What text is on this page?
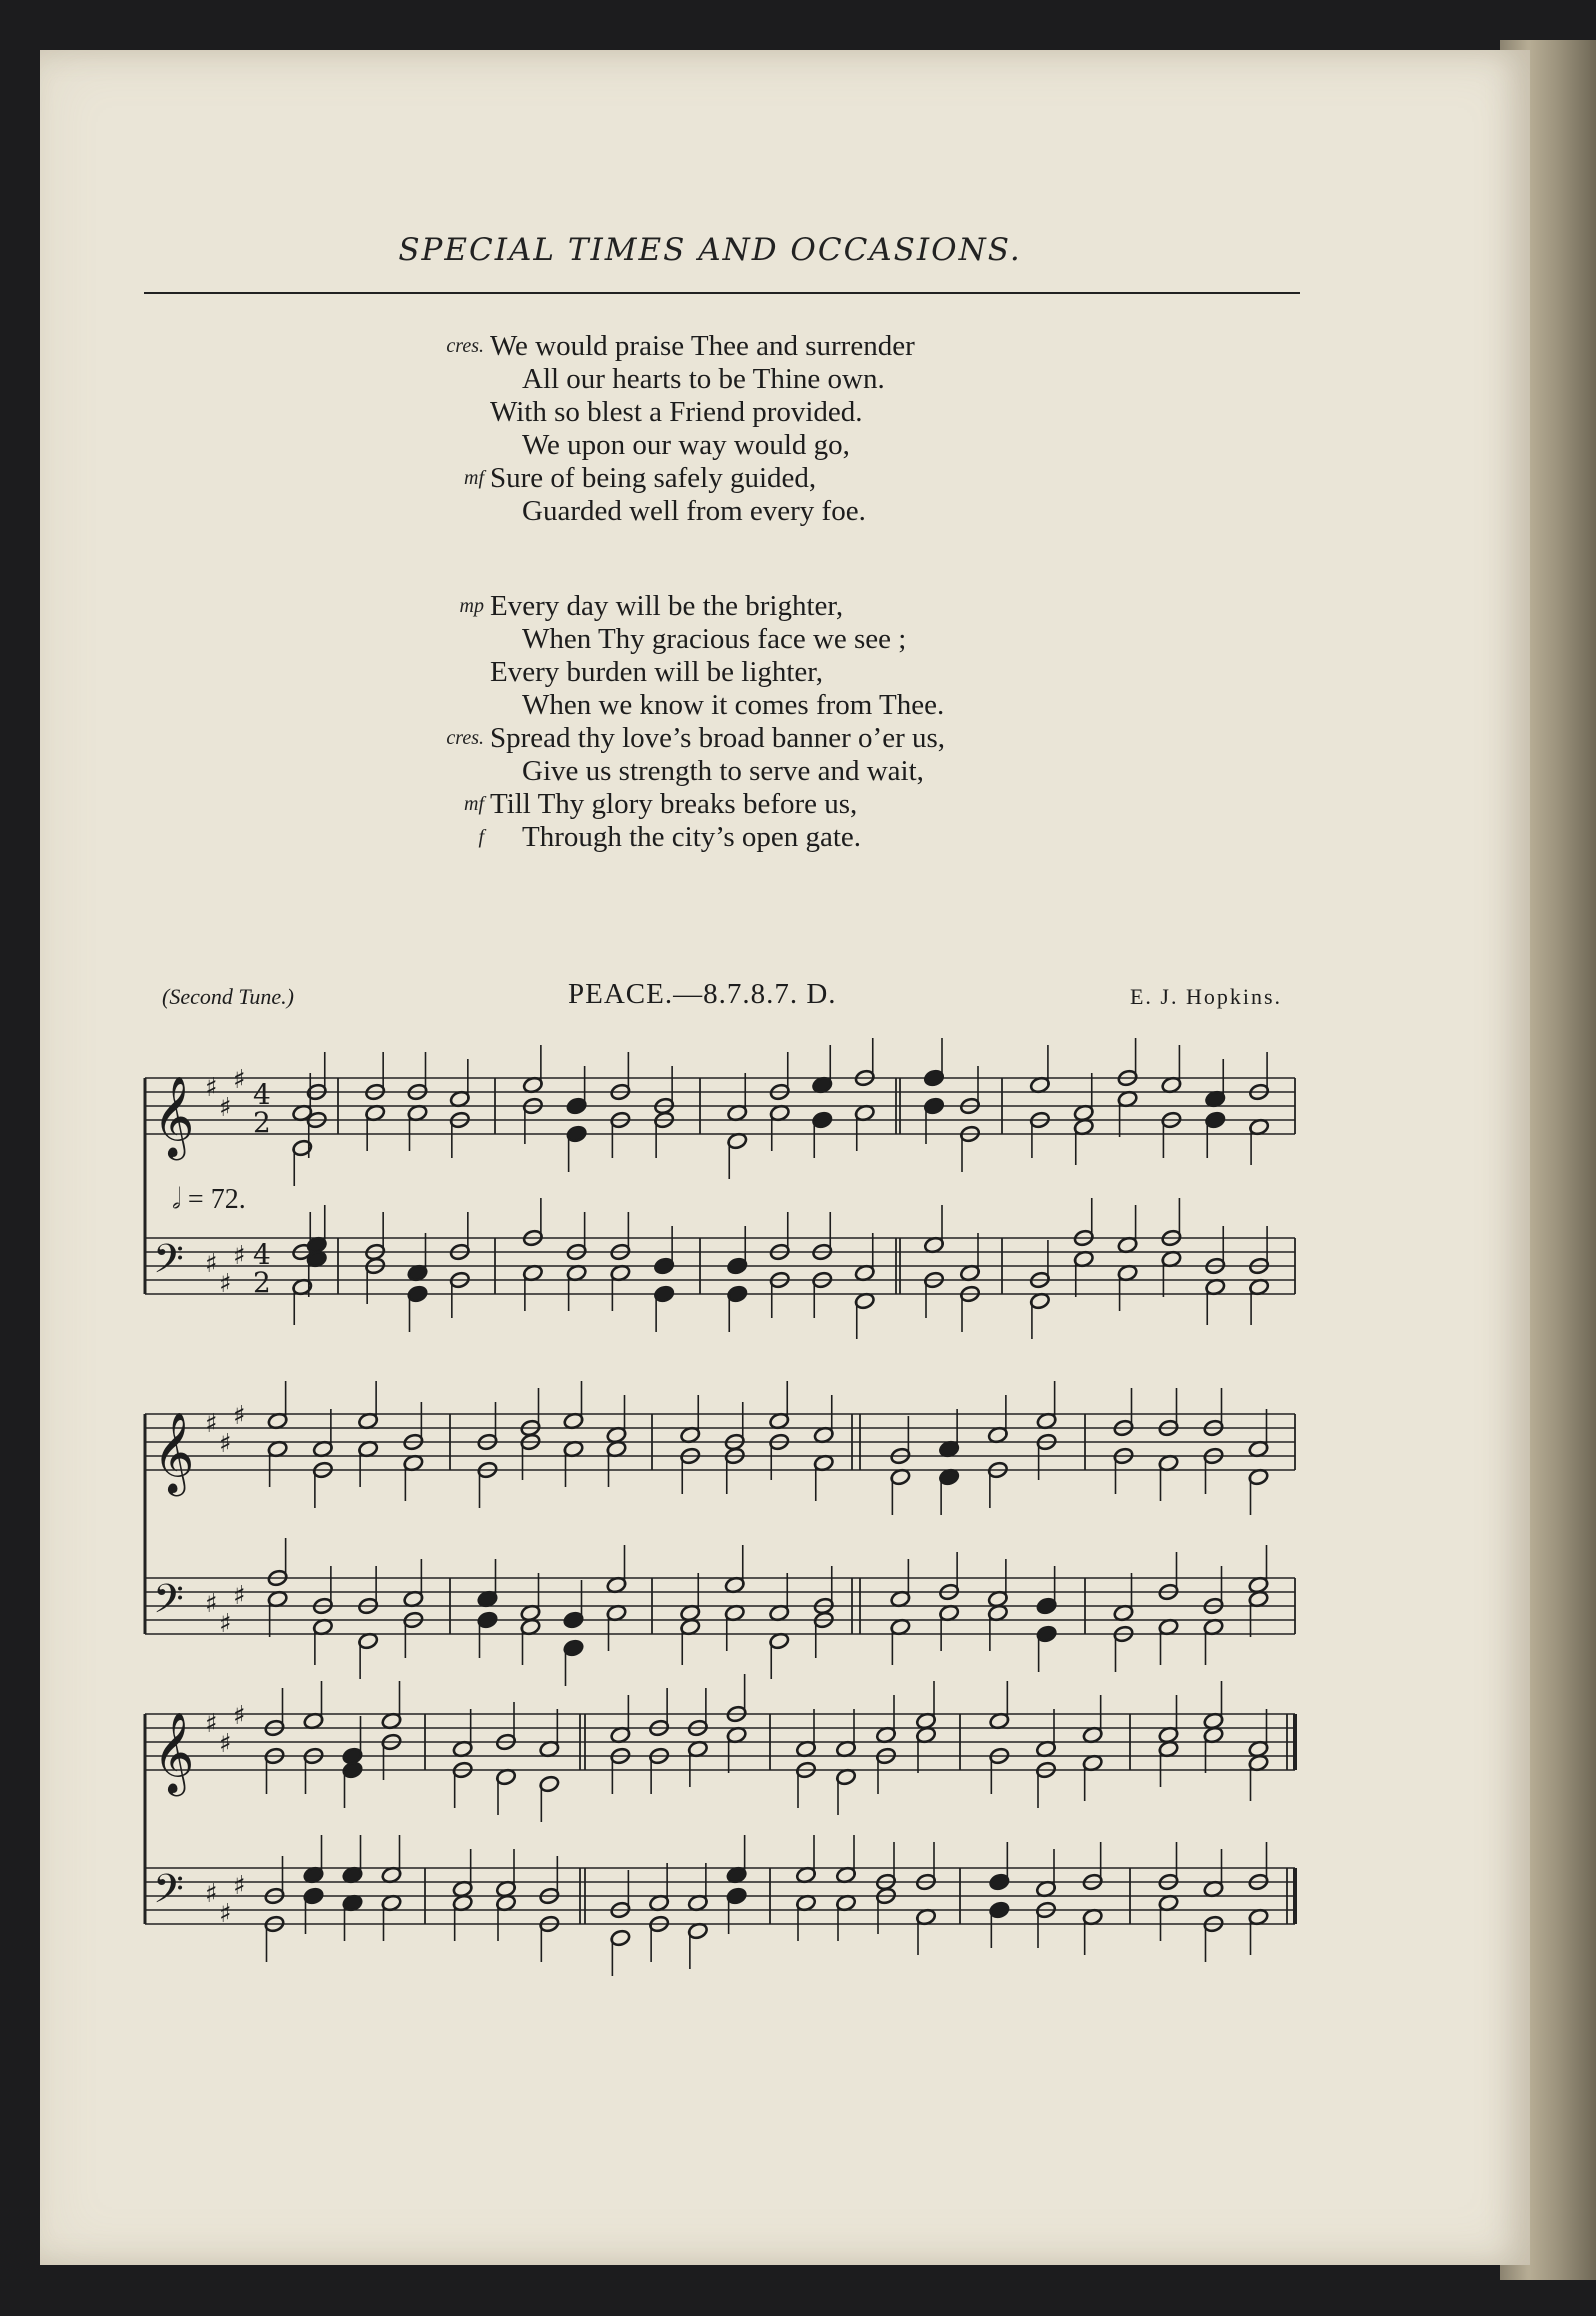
SPECIAL TIMES AND OCCASIONS.
cres. We would praise Thee and surrender
All our hearts to be Thine own.
With so blest a Friend provided.
We upon our way would go,
mf Sure of being safely guided,
Guarded well from every foe.
mp Every day will be the brighter,
When Thy gracious face we see ;
Every burden will be lighter,
When we know it comes from Thee.
cres. Spread thy love’s broad banner o’er us,
Give us strength to serve and wait,
mf Till Thy glory breaks before us,
f Through the city’s open gate.
(Second Tune.)	PEACE.—8.7.8.7. D.	E. J. Hopkins.
𝄞 ♯
♯
♯ 4
2
𝄢 ♯
♯
♯ 4
2
𝄞 ♯
♯
♯
𝄢 ♯
♯
♯
𝄞 ♯
♯
♯
𝄢 ♯
♯
♯
𝅗𝅥 = 72.
